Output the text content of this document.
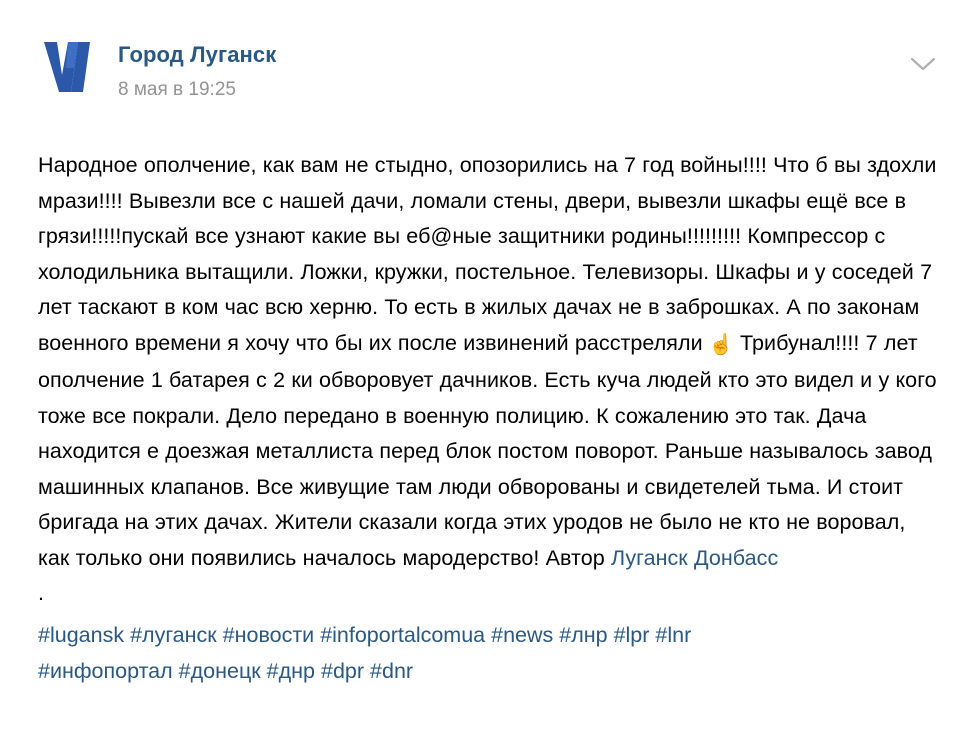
Город Луганск
8 мая в 19:25
Народное ополчение, как вам не стыдно, опозорились на 7 год войны!!!! Что б вы здохли мрази!!!! Вывезли все с нашей дачи, ломали стены, двери, вывезли шкафы ещё все в грязи!!!!!пускай все узнают какие вы еб@ные защитники родины!!!!!!!!! Компрессор с холодильника вытащили. Ложки, кружки, постельное. Телевизоры. Шкафы и у соседей 7 лет таскают в ком час всю херню. То есть в жилых дачах не в заброшках. А по законам военного времени я хочу что бы их после извинений расстреляли ☝ Трибунал!!!! 7 лет ополчение 1 батарея с 2 ки обворовует дачников. Есть куча людей кто это видел и у кого тоже все покрали. Дело передано в военную полицию. К сожалению это так. Дача находится е доезжая металлиста перед блок постом поворот. Раньше называлось завод машинных клапанов. Все живущие там люди обворованы и свидетелей тьма. И стоит бригада на этих дачах. Жители сказали когда этих уродов не было не кто не воровал, как только они появились началось мародерство! Автор Луганск Донбасс
.
#lugansk #луганск #новости #infoportalcomua #news #лнр #lpr #lnr
#инфопортал #донецк #днр #dpr #dnr
